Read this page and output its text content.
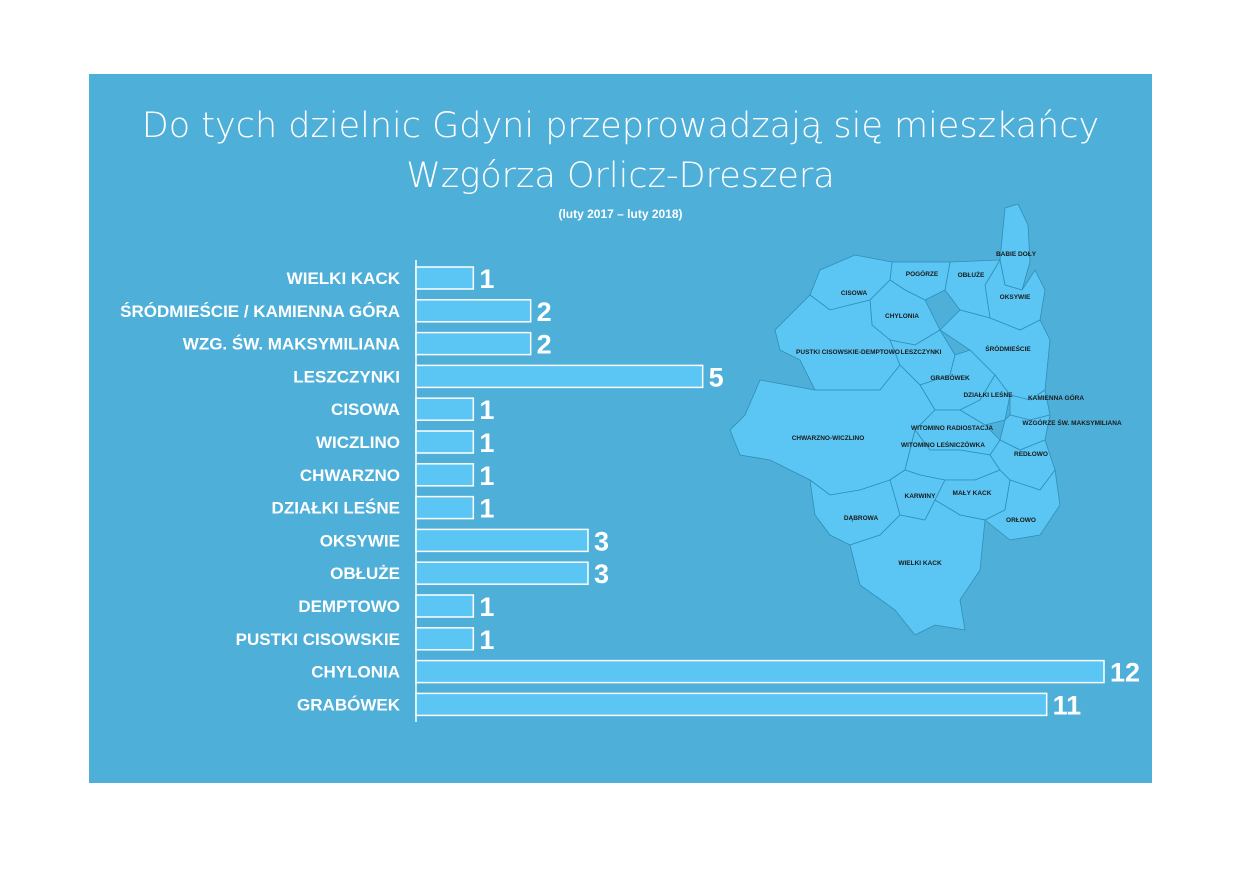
Do tych dzielnic Gdyni przeprowadzają się mieszkańcy
Wzgórza Orlicz-Dreszera
(luty 2017 – luty 2018)
WIELKI KACK	1
ŚRÓDMIEŚCIE / KAMIENNA GÓRA	2
WZG. ŚW. MAKSYMILIANA	2
LESZCZYNKI	5
CISOWA	1
WICZLINO	1
CHWARZNO	1
DZIAŁKI LEŚNE	1
OKSYWIE	3
OBŁUŻE	3
DEMPTOWO	1
PUSTKI CISOWSKIE	1
CHYLONIA	12
GRABÓWEK	11
BABIE DOŁY
POGÓRZE	OBŁUŻE
OKSYWIE
CISOWA
CHYLONIA
PUSTKI CISOWSKIE-DEMPTOWO LESZCZYNKI	ŚRÓDMIEŚCIE
GRABÓWEK
DZIAŁKI LEŚNE KAMIENNA GÓRA
CHWARZNO-WICZLINO
WITOMINO RADIOSTACJA
WZGÓRZE ŚW. MAKSYMILIANA
WITOMINO LEŚNICZÓWKA
REDŁOWO
KARWINY	MAŁY KACK
DĄBROWA	ORŁOWO
WIELKI KACK
